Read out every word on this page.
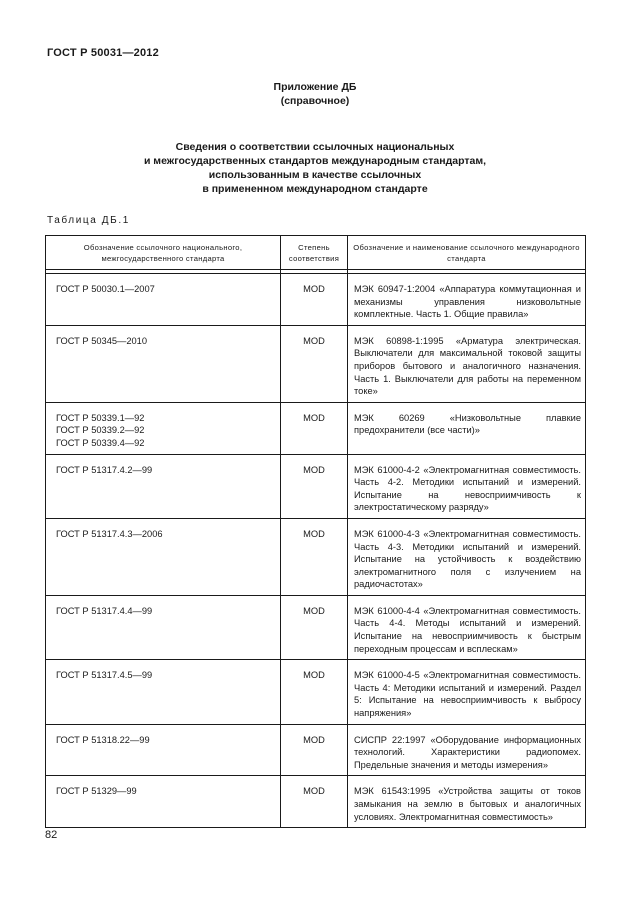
ГОСТ Р 50031—2012
Приложение ДБ
(справочное)
Сведения о соответствии ссылочных национальных
и межгосударственных стандартов международным стандартам,
использованным в качестве ссылочных
в примененном международном стандарте
Таблица ДБ.1
Обозначение ссылочного национального, межгосударственного стандарта	Степень соответствия	Обозначение и наименование ссылочного международного стандарта

ГОСТ Р 50030.1—2007	MOD	МЭК 60947-1:2004 «Аппаратура коммутационная и механизмы управления низковольтные комплектные. Часть 1. Общие правила»

ГОСТ Р 50345—2010	MOD	МЭК 60898-1:1995 «Арматура электрическая. Выключатели для максимальной токовой защиты приборов бытового и аналогичного назначения. Часть 1. Выключатели для работы на переменном токе»

ГОСТ Р 50339.1—92
ГОСТ Р 50339.2—92
ГОСТ Р 50339.4—92	MOD	МЭК 60269 «Низковольтные плавкие предохранители (все части)»

ГОСТ Р 51317.4.2—99	MOD	МЭК 61000-4-2 «Электромагнитная совместимость. Часть 4-2. Методики испытаний и измерений. Испытание на невосприимчивость к электростатическому разряду»

ГОСТ Р 51317.4.3—2006	MOD	МЭК 61000-4-3 «Электромагнитная совместимость. Часть 4-3. Методики испытаний и измерений. Испытание на устойчивость к воздействию электромагнитного поля с излучением на радиочастотах»

ГОСТ Р 51317.4.4—99	MOD	МЭК 61000-4-4 «Электромагнитная совместимость. Часть 4-4. Методы испытаний и измерений. Испытание на невосприимчивость к быстрым переходным процессам и всплескам»

ГОСТ Р 51317.4.5—99	MOD	МЭК 61000-4-5 «Электромагнитная совместимость. Часть 4: Методики испытаний и измерений. Раздел 5: Испытание на невосприимчивость к выбросу напряжения»

ГОСТ Р 51318.22—99	MOD	СИСПР 22:1997 «Оборудование информационных технологий. Характеристики радиопомех. Предельные значения и методы измерения»

ГОСТ Р 51329—99	MOD	МЭК 61543:1995 «Устройства защиты от токов замыкания на землю в бытовых и аналогичных условиях. Электромагнитная совместимость»
82
